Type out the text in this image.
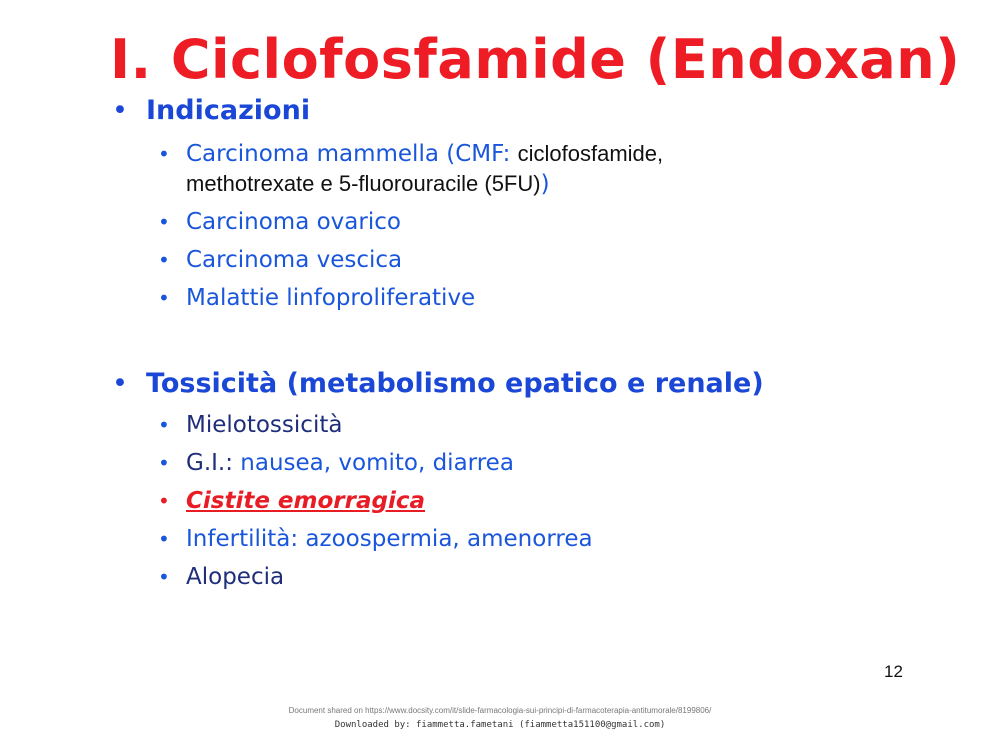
I. Ciclofosfamide (Endoxan)
• Indicazioni
• Carcinoma mammella (CMF: ciclofosfamide,
methotrexate e 5-fluorouracile (5FU))
• Carcinoma ovarico
• Carcinoma vescica
• Malattie linfoproliferative
• Tossicità (metabolismo epatico e renale)
• Mielotossicità
• G.I.: nausea, vomito, diarrea
• Cistite emorragica
• Infertilità: azoospermia, amenorrea
• Alopecia
12
Document shared on https://www.docsity.com/it/slide-farmacologia-sui-principi-di-farmacoterapia-antitumorale/8199806/
Downloaded by: fiammetta.fametani (fiammetta151100@gmail.com)
